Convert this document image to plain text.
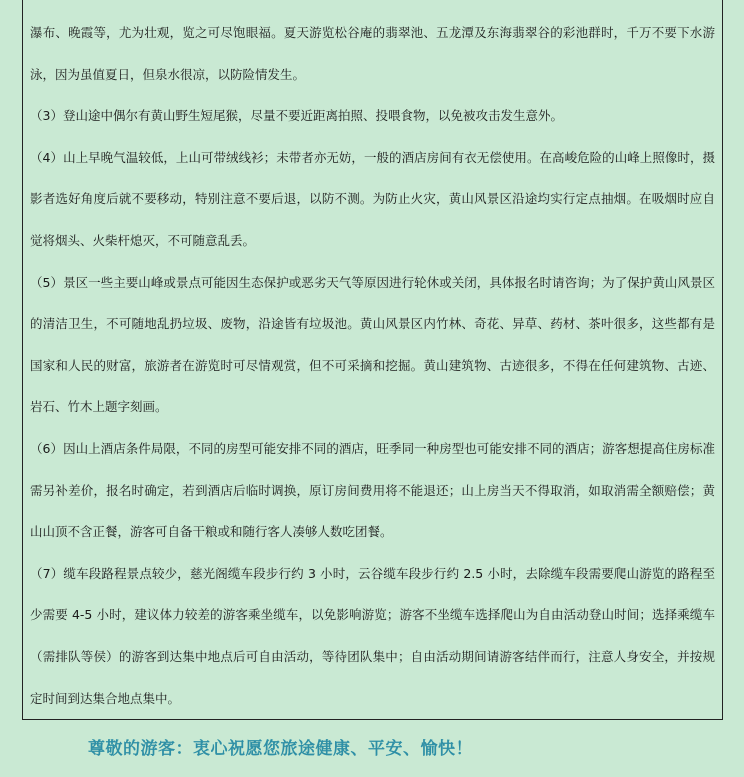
瀑布、晚霞等，尤为壮观，览之可尽饱眼福。夏天游览松谷庵的翡翠池、五龙潭及东海翡翠谷的彩池群时，千万不要下水游泳，因为虽值夏日，但泉水很凉，以防险情发生。

（3）登山途中偶尔有黄山野生短尾猴，尽量不要近距离拍照、投喂食物，以免被攻击发生意外。

（4）山上早晚气温较低，上山可带绒线衫；未带者亦无妨，一般的酒店房间有衣无偿使用。在高峻危险的山峰上照像时，摄影者选好角度后就不要移动，特别注意不要后退，以防不测。为防止火灾，黄山风景区沿途均实行定点抽烟。在吸烟时应自觉将烟头、火柴杆熄灭，不可随意乱丢。

（5）景区一些主要山峰或景点可能因生态保护或恶劣天气等原因进行轮休或关闭，具体报名时请咨询；为了保护黄山风景区的清洁卫生，不可随地乱扔垃圾、废物，沿途皆有垃圾池。黄山风景区内竹林、奇花、异草、药材、茶叶很多，这些都有是国家和人民的财富，旅游者在游览时可尽情观赏，但不可采摘和挖掘。黄山建筑物、古迹很多，不得在任何建筑物、古迹、岩石、竹木上题字刻画。

（6）因山上酒店条件局限，不同的房型可能安排不同的酒店，旺季同一种房型也可能安排不同的酒店；游客想提高住房标准需另补差价，报名时确定，若到酒店后临时调换，原订房间费用将不能退还；山上房当天不得取消，如取消需全额赔偿；黄山山顶不含正餐，游客可自备干粮或和随行客人凑够人数吃团餐。

（7）缆车段路程景点较少，慈光阁缆车段步行约 3 小时，云谷缆车段步行约 2.5 小时，去除缆车段需要爬山游览的路程至少需要 4-5 小时，建议体力较差的游客乘坐缆车，以免影响游览；游客不坐缆车选择爬山为自由活动登山时间；选择乘缆车（需排队等侯）的游客到达集中地点后可自由活动，等待团队集中；自由活动期间请游客结伴而行，注意人身安全，并按规定时间到达集合地点集中。

尊敬的游客：衷心祝愿您旅途健康、平安、愉快！
